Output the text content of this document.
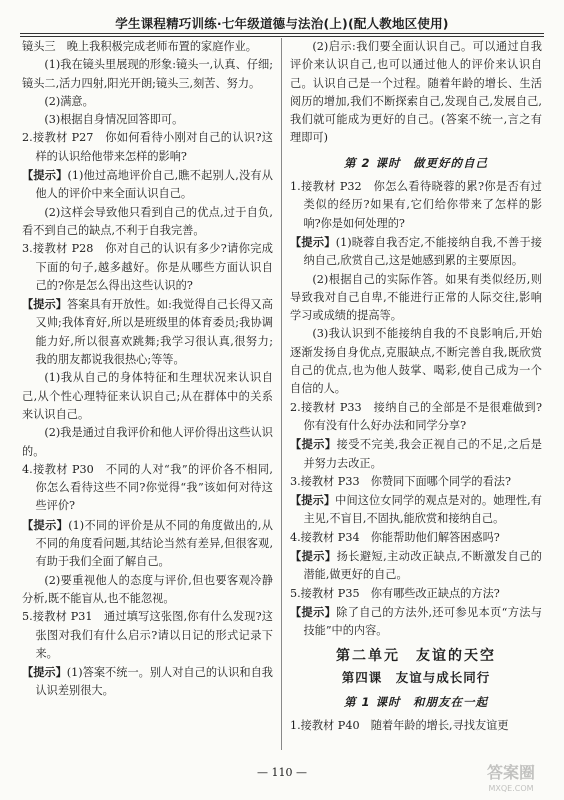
学生课程精巧训练·七年级道德与法治(上)(配人教地区使用)

镜头三　晚上我积极完成老师布置的家庭作业。

(1)我在镜头里展现的形象:镜头一,认真、仔细;镜头二,活力四射,阳光开朗;镜头三,刻苦、努力。

(2)满意。

(3)根据自身情况回答即可。

2.接教材 P27　你如何看待小刚对自己的认识?这样的认识给他带来怎样的影响?

【提示】(1)他过高地评价自己,瞧不起别人,没有从他人的评价中来全面认识自己。

(2)这样会导致他只看到自己的优点,过于自负,看不到自己的缺点,不利于自我完善。

3.接教材 P28　你对自己的认识有多少?请你完成下面的句子,越多越好。你是从哪些方面认识自己的?你是怎么得出这些认识的?

【提示】答案具有开放性。如:我觉得自己长得又高又帅;我体育好,所以是班级里的体育委员;我协调能力好,所以很喜欢跳舞;我学习很认真,很努力;我的朋友都说我很热心;等等。

(1)我从自己的身体特征和生理状况来认识自己,从个性心理特征来认识自己;从在群体中的关系来认识自己。

(2)我是通过自我评价和他人评价得出这些认识的。

4.接教材 P30　不同的人对“我”的评价各不相同,你怎么看待这些不同?你觉得“我”该如何对待这些评价?

【提示】(1)不同的评价是从不同的角度做出的,从不同的角度看问题,其结论当然有差异,但很客观,有助于我们全面了解自己。

(2)要重视他人的态度与评价,但也要客观冷静分析,既不能盲从,也不能忽视。

5.接教材 P31　通过填写这张图,你有什么发现?这张图对我们有什么启示?请以日记的形式记录下来。

【提示】(1)答案不统一。别人对自己的认识和自我认识差别很大。

(2)启示:我们要全面认识自己。可以通过自我评价来认识自己,也可以通过他人的评价来认识自己。认识自己是一个过程。随着年龄的增长、生活阅历的增加,我们不断探索自己,发现自己,发展自己,我们就可能成为更好的自己。(答案不统一,言之有理即可)

第 2 课时　做更好的自己

1.接教材 P32　你怎么看待晓蓉的累?你是否有过类似的经历?如果有,它们给你带来了怎样的影响?你是如何处理的?

【提示】(1)晓蓉自我否定,不能接纳自我,不善于接纳自己,欣赏自己,这是她感到累的主要原因。

(2)根据自己的实际作答。如果有类似经历,则导致我对自己自卑,不能进行正常的人际交往,影响学习或成绩的提高等。

(3)我认识到不能接纳自我的不良影响后,开始逐渐发扬自身优点,克服缺点,不断完善自我,既欣赏自己的优点,也为他人鼓掌、喝彩,使自己成为一个自信的人。

2.接教材 P33　接纳自己的全部是不是很难做到?你有没有什么好办法和同学分享?

【提示】接受不完美,我会正视自己的不足,之后是并努力去改正。

3.接教材 P33　你赞同下面哪个同学的看法?

【提示】中间这位女同学的观点是对的。她理性,有主见,不盲目,不固执,能欣赏和接纳自己。

4.接教材 P34　你能帮助他们解答困惑吗?

【提示】扬长避短,主动改正缺点,不断激发自己的潜能,做更好的自己。

5.接教材 P35　你有哪些改正缺点的方法?

【提示】除了自己的方法外,还可参见本页“方法与技能”中的内容。

第二单元　友谊的天空

第四课　友谊与成长同行

第 1 课时　和朋友在一起

1.接教材 P40　随着年龄的增长,寻找友谊更

— 110 —	答案圈
MXQE.COM
